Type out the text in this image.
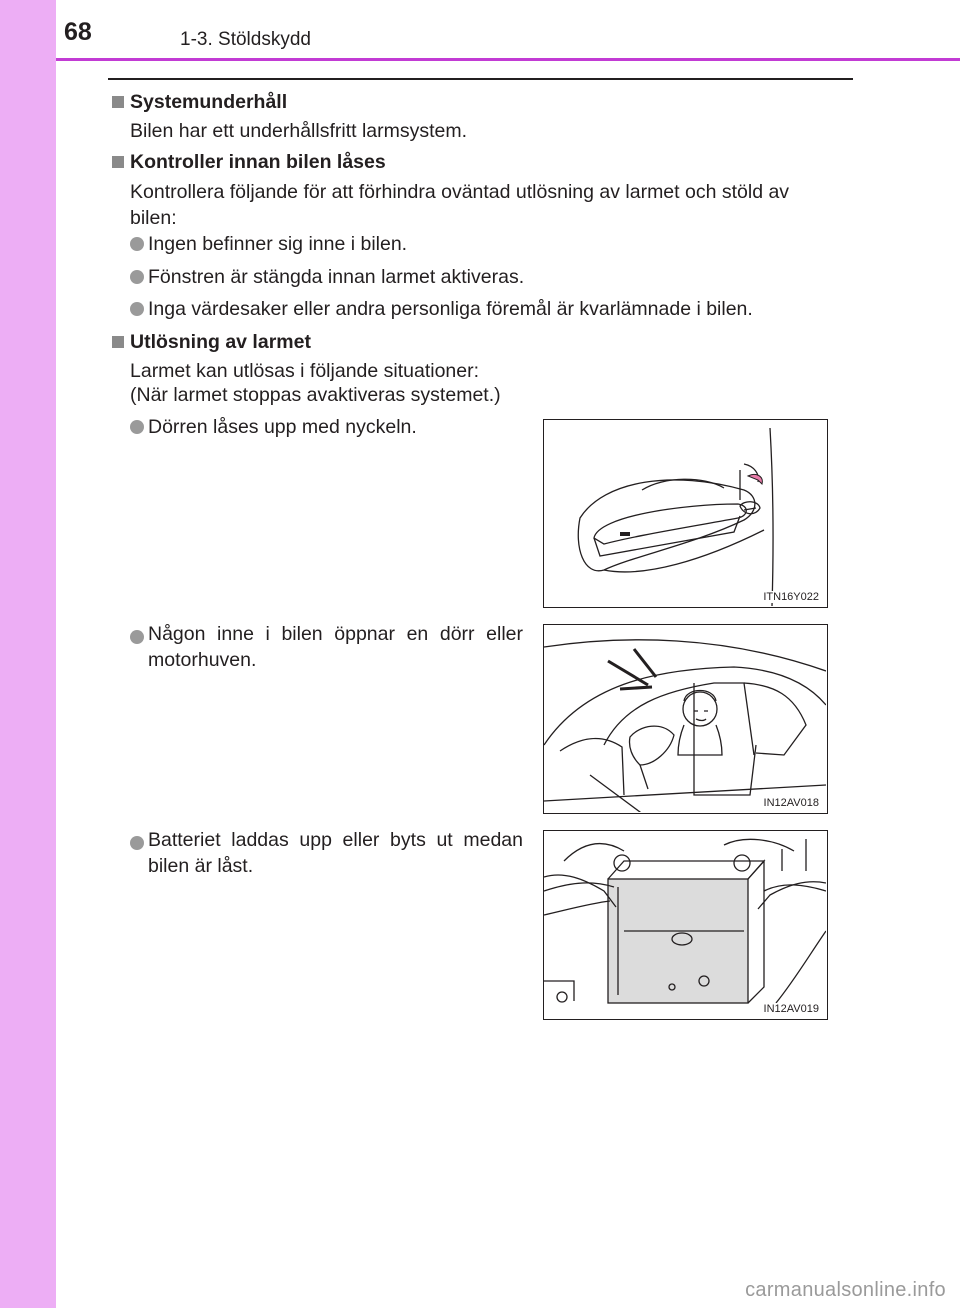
68	1-3. Stöldskydd
Systemunderhåll
Bilen har ett underhållsfritt larmsystem.
Kontroller innan bilen låses
Kontrollera följande för att förhindra oväntad utlösning av larmet och stöld av
bilen:
Ingen befinner sig inne i bilen.
Fönstren är stängda innan larmet aktiveras.
Inga värdesaker eller andra personliga föremål är kvarlämnade i bilen.
Utlösning av larmet
Larmet kan utlösas i följande situationer:
(När larmet stoppas avaktiveras systemet.)
Dörren låses upp med nyckeln.
ITN16Y022
Någon inne i bilen öppnar en dörr eller motorhuven.
IN12AV018
Batteriet laddas upp eller byts ut medan bilen är låst.
IN12AV019
carmanualsonline.info
